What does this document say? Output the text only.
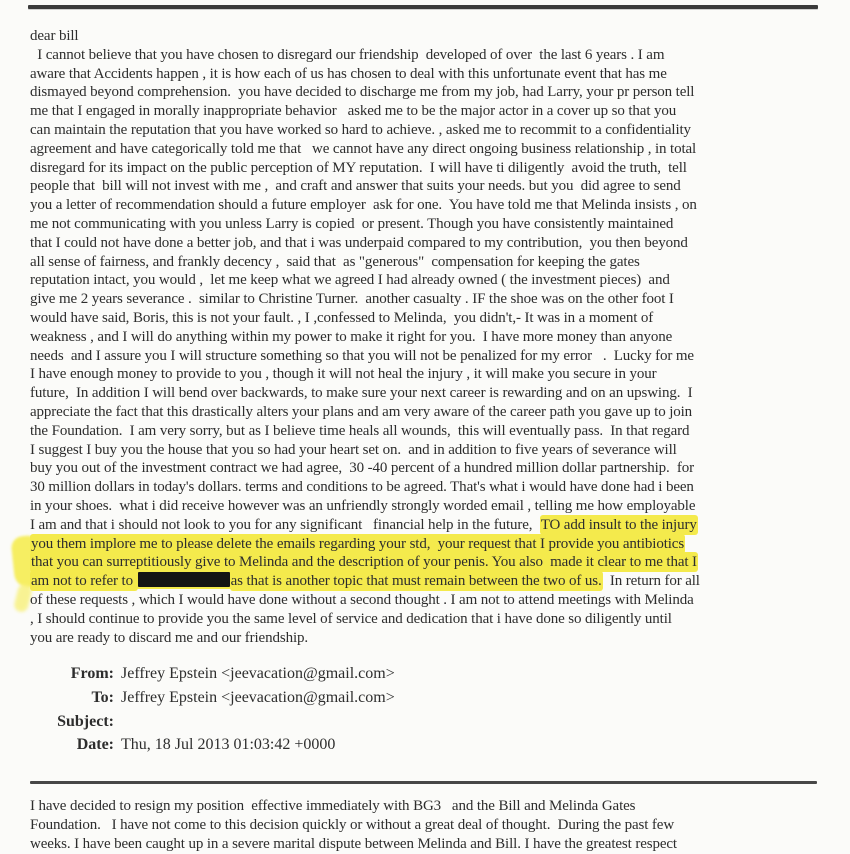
dear bill
I cannot believe that you have chosen to disregard our friendship  developed of over  the last 6 years . I am
aware that Accidents happen , it is how each of us has chosen to deal with this unfortunate event that has me
dismayed beyond comprehension.  you have decided to discharge me from my job, had Larry, your pr person tell
me that I engaged in morally inappropriate behavior   asked me to be the major actor in a cover up so that you
can maintain the reputation that you have worked so hard to achieve. , asked me to recommit to a confidentiality
agreement and have categorically told me that   we cannot have any direct ongoing business relationship , in total
disregard for its impact on the public perception of MY reputation.  I will have ti diligently  avoid the truth,  tell
people that  bill will not invest with me ,  and craft and answer that suits your needs. but you  did agree to send
you a letter of recommendation should a future employer  ask for one.  You have told me that Melinda insists , on
me not communicating with you unless Larry is copied  or present. Though you have consistently maintained
that I could not have done a better job, and that i was underpaid compared to my contribution,  you then beyond
all sense of fairness, and frankly decency ,  said that  as "generous"  compensation for keeping the gates
reputation intact, you would ,  let me keep what we agreed I had already owned ( the investment pieces)  and
give me 2 years severance .  similar to Christine Turner.  another casualty . IF the shoe was on the other foot I
would have said, Boris, this is not your fault. , I ,confessed to Melinda,  you didn't,- It was in a moment of
weakness , and I will do anything within my power to make it right for you.  I have more money than anyone
needs  and I assure you I will structure something so that you will not be penalized for my error   .  Lucky for me
I have enough money to provide to you , though it will not heal the injury , it will make you secure in your
future,  In addition I will bend over backwards, to make sure your next career is rewarding and on an upswing.  I
appreciate the fact that this drastically alters your plans and am very aware of the career path you gave up to join
the Foundation.  I am very sorry, but as I believe time heals all wounds,  this will eventually pass.  In that regard
I suggest I buy you the house that you so had your heart set on.  and in addition to five years of severance will
buy you out of the investment contract we had agree,  30 -40 percent of a hundred million dollar partnership.  for
30 million dollars in today's dollars. terms and conditions to be agreed. That's what i would have done had i been
in your shoes.  what i did receive however was an unfriendly strongly worded email , telling me how employable
I am and that i should not look to you for any significant   financial help in the future,  TO add insult to the injury
you them implore me to please delete the emails regarding your std,  your request that I provide you antibiotics
that you can surreptitiously give to Melinda and the description of your penis. You also  made it clear to me that I
am not to refer to	as that is another topic that must remain between the two of us.  In return for all
of these requests , which I would have done without a second thought . I am not to attend meetings with Melinda
, I should continue to provide you the same level of service and dedication that i have done so diligently until
you are ready to discard me and our friendship.
From: Jeffrey Epstein <jeevacation@gmail.com>
To: Jeffrey Epstein <jeevacation@gmail.com>
Subject:
Date: Thu, 18 Jul 2013 01:03:42 +0000
I have decided to resign my position  effective immediately with BG3   and the Bill and Melinda Gates
Foundation.   I have not come to this decision quickly or without a great deal of thought.  During the past few
weeks. I have been caught up in a severe marital dispute between Melinda and Bill. I have the greatest respect
